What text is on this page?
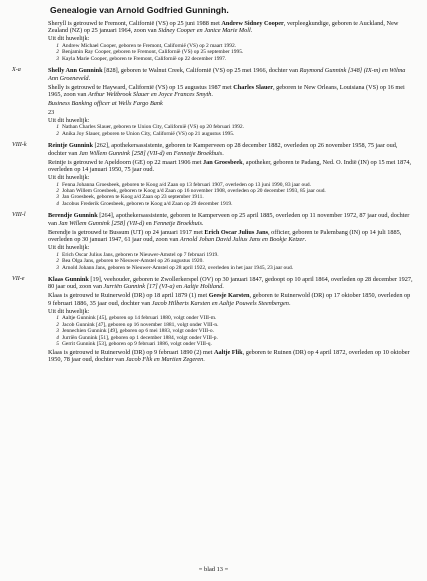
Genealogie van Arnold Godfried Gunningh.

Sheryll is getrouwd te Fremont, Californië (VS) op 25 juni 1988 met Andrew Sidney Cooper, verpleegkundige, geboren te Auckland, New Zealand (NZ) op 25 januari 1964, zoon van Sidney Cooper en Janice Marie Moll.

Uit dit huwelijk:
1 Andrew Michael Cooper, geboren te Fremont, Californië (VS) op 2 maart 1992.
2 Benjamin Ray Cooper, geboren te Fremont, Californië (VS) op 25 september 1995.
3 Kayla Marie Cooper, geboren te Fremont, Californië op 22 december 1997.
X-a	Shelly Ann Gunnink [828], geboren te Walnut Creek, Californië (VS) op 25 mei 1966, dochter van Raymond Gunnink [348] (IX-m) en Wilma Ann Groeneveld.

Shelly is getrouwd te Hayward, Californië (VS) op 15 augustus 1987 met Charles Slauer, geboren te New Orleans, Louisiana (VS) op 16 mei 1965, zoon van Arthur Weltbrook Slauer en Joyce Frances Smyth.

Business Banking officer at Wells Fargo Bank

23

Uit dit huwelijk:
1 Nathan Charles Slauer, geboren te Union City, Californië (VS) op 20 februari 1992.
2 Anika Joy Slauer, geboren te Union City, Californië (VS) op 21 augustus 1995.
VIII-k	Reintje Gunnink [262], apothekersassistente, geboren te Kamperveen op 28 december 1882, overleden op 26 november 1958, 75 jaar oud, dochter van Jan Willem Gunnink [258] (VII-d) en Fennetje Broekhuis.

Reintje is getrouwd te Apeldoorn (GE) op 22 maart 1906 met Jan Groesbeek, apotheker, geboren te Padang, Ned. O. Indië (IN) op 15 mei 1874, overleden op 14 januari 1950, 75 jaar oud.

Uit dit huwelijk:
1 Fenna Johanna Groesbeek, geboren te Koog a/d Zaan op 13 februari 1907, overleden op 13 juni 1990, 83 jaar oud.
2 Johan Willem Groesbeek, geboren te Koog a/d Zaan op 16 november 1908, overleden op 20 december 1993, 85 jaar oud.
3 Jan Groesbeek, geboren te Koog a/d Zaan op 23 september 1911.
4 Jacobus Frederik Groesbeek, geboren te Koog a/d Zaan op 29 december 1919.
VIII-l	Berendje Gunnink [264], apothekersassistente, geboren te Kamperveen op 25 april 1885, overleden op 11 november 1972, 87 jaar oud, dochter van Jan Willem Gunnink [258] (VII-d) en Fennetje Broekhuis.

Berendje is getrouwd te Bussum (UT) op 24 januari 1917 met Erich Oscar Julius Jans, officier, geboren te Palembang (IN) op 14 juli 1885, overleden op 30 januari 1947, 61 jaar oud, zoon van Arnold Johan David Julius Jans en Bookje Ketzer.

Uit dit huwelijk:
1 Erich Oscar Julius Jans, geboren te Nieuwer-Amstel op 7 februari 1919.
2 Bea Olga Jans, geboren te Nieuwer-Amstel op 26 augustus 1920.
3 Arnold Johann Jans, geboren te Nieuwer-Amstel op 28 april 1922, overleden in het jaar 1945, 23 jaar oud.
VII-e	Klaas Gunnink [19], veehouder, geboren te Zwollerkerspel (OV) op 30 januari 1847, gedoopt op 10 april 1864, overleden op 28 december 1927, 80 jaar oud, zoon van Jurriën Gunnink [17] (VI-a) en Aaltje Holtland.

Klaas is getrouwd te Ruinerwold (DR) op 18 april 1879 (1) met Geesje Karsten, geboren te Ruinerwold (DR) op 17 oktober 1850, overleden op 9 februari 1886, 35 jaar oud, dochter van Jacob Hilberts Karsten en Aaltje Pouwels Steenbergen.

Uit dit huwelijk:
1 Aaltje Gunnink [45], geboren op 14 februari 1880, volgt onder VIII-m.
2 Jacob Gunnink [47], geboren op 16 november 1881, volgt onder VIII-n.
3 Jennechien Gunnink [49], geboren op 6 mei 1883, volgt onder VIII-o.
4 Jurriën Gunnink [51], geboren op 1 december 1884, volgt onder VIII-p.
5 Gerrit Gunnink [53], geboren op 9 februari 1886, volgt onder VIII-q.

Klaas is getrouwd te Ruinerwold (DR) op 9 februari 1890 (2) met Aaltje Flik, geboren te Ruinen (DR) op 4 april 1872, overleden op 10 oktober 1950, 78 jaar oud, dochter van Jacob Flik en Martien Zegeren.

= blad 13 =
